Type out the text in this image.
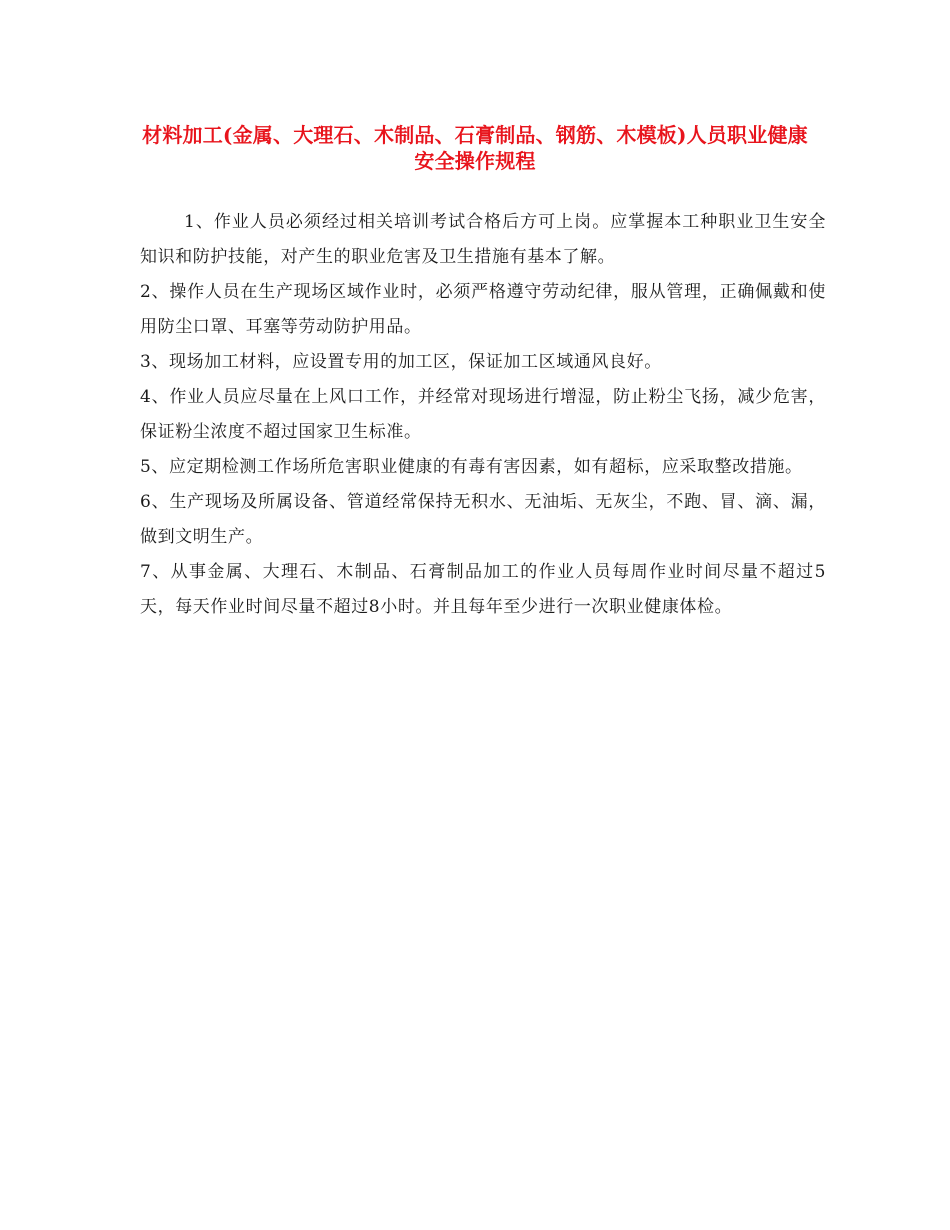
材料加工(金属、大理石、木制品、石膏制品、钢筋、木模板)人员职业健康安全操作规程

1、作业人员必须经过相关培训考试合格后方可上岗。应掌握本工种职业卫生安全知识和防护技能，对产生的职业危害及卫生措施有基本了解。

2、操作人员在生产现场区域作业时，必须严格遵守劳动纪律，服从管理，正确佩戴和使用防尘口罩、耳塞等劳动防护用品。

3、现场加工材料，应设置专用的加工区，保证加工区域通风良好。

4、作业人员应尽量在上风口工作，并经常对现场进行增湿，防止粉尘飞扬，减少危害，保证粉尘浓度不超过国家卫生标准。

5、应定期检测工作场所危害职业健康的有毒有害因素，如有超标，应采取整改措施。

6、生产现场及所属设备、管道经常保持无积水、无油垢、无灰尘，不跑、冒、滴、漏，做到文明生产。

7、从事金属、大理石、木制品、石膏制品加工的作业人员每周作业时间尽量不超过5天，每天作业时间尽量不超过8小时。并且每年至少进行一次职业健康体检。
